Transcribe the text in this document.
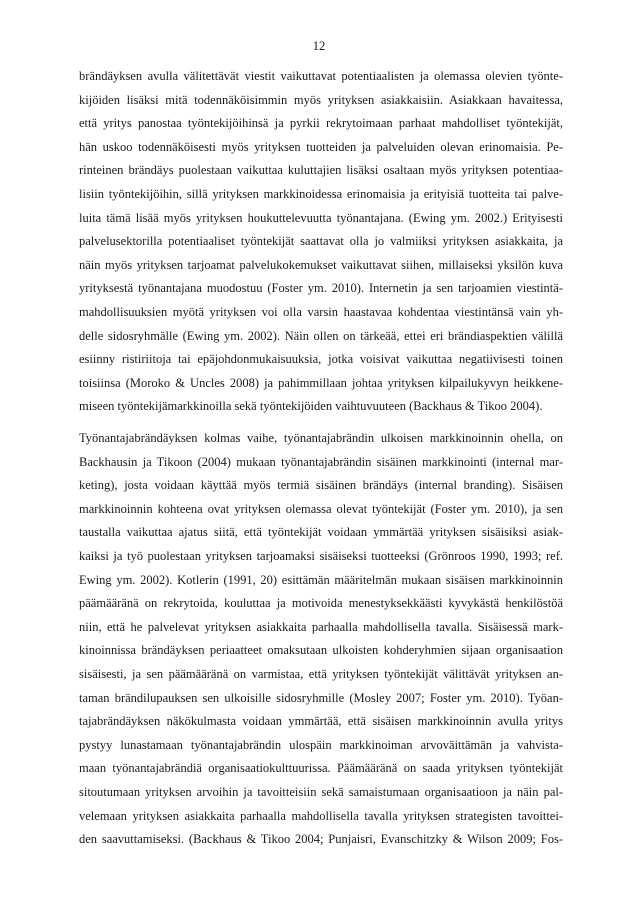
12
brändäyksen avulla välitettävät viestit vaikuttavat potentiaalisten ja olemassa olevien työnte-
kijöiden lisäksi mitä todennäköisimmin myös yrityksen asiakkaisiin. Asiakkaan havaitessa,
että yritys panostaa työntekijöihinsä ja pyrkii rekrytoimaan parhaat mahdolliset työntekijät,
hän uskoo todennäköisesti myös yrityksen tuotteiden ja palveluiden olevan erinomaisia. Pe-
rinteinen brändäys puolestaan vaikuttaa kuluttajien lisäksi osaltaan myös yrityksen potentiaa-
lisiin työntekijöihin, sillä yrityksen markkinoidessa erinomaisia ja erityisiä tuotteita tai palve-
luita tämä lisää myös yrityksen houkuttelevuutta työnantajana. (Ewing ym. 2002.) Erityisesti
palvelusektorilla potentiaaliset työntekijät saattavat olla jo valmiiksi yrityksen asiakkaita, ja
näin myös yrityksen tarjoamat palvelukokemukset vaikuttavat siihen, millaiseksi yksilön kuva
yrityksestä työnantajana muodostuu (Foster ym. 2010). Internetin ja sen tarjoamien viestintä-
mahdollisuuksien myötä yrityksen voi olla varsin haastavaa kohdentaa viestintänsä vain yh-
delle sidosryhmälle (Ewing ym. 2002). Näin ollen on tärkeää, ettei eri brändiaspektien välillä
esiinny ristiriitoja tai epäjohdonmukaisuuksia, jotka voisivat vaikuttaa negatiivisesti toinen
toisiinsa (Moroko & Uncles 2008) ja pahimmillaan johtaa yrityksen kilpailukyvyn heikkene-
miseen työntekijämarkkinoilla sekä työntekijöiden vaihtuvuuteen (Backhaus & Tikoo 2004).
Työnantajabrändäyksen kolmas vaihe, työnantajabrändin ulkoisen markkinoinnin ohella, on
Backhausin ja Tikoon (2004) mukaan työnantajabrändin sisäinen markkinointi (internal mar-
keting), josta voidaan käyttää myös termiä sisäinen brändäys (internal branding). Sisäisen
markkinoinnin kohteena ovat yrityksen olemassa olevat työntekijät (Foster ym. 2010), ja sen
taustalla vaikuttaa ajatus siitä, että työntekijät voidaan ymmärtää yrityksen sisäisiksi asiak-
kaiksi ja työ puolestaan yrityksen tarjoamaksi sisäiseksi tuotteeksi (Grönroos 1990, 1993; ref.
Ewing ym. 2002). Kotlerin (1991, 20) esittämän määritelmän mukaan sisäisen markkinoinnin
päämääränä on rekrytoida, kouluttaa ja motivoida menestyksekkäästi kyvykästä henkilöstöä
niin, että he palvelevat yrityksen asiakkaita parhaalla mahdollisella tavalla. Sisäisessä mark-
kinoinnissa brändäyksen periaatteet omaksutaan ulkoisten kohderyhmien sijaan organisaation
sisäisesti, ja sen päämääränä on varmistaa, että yrityksen työntekijät välittävät yrityksen an-
taman brändilupauksen sen ulkoisille sidosryhmille (Mosley 2007; Foster ym. 2010). Työan-
tajabrändäyksen näkökulmasta voidaan ymmärtää, että sisäisen markkinoinnin avulla yritys
pystyy lunastamaan työnantajabrändin ulospäin markkinoiman arvoväittämän ja vahvista-
maan työnantajabrändiä organisaatiokulttuurissa. Päämääränä on saada yrityksen työntekijät
sitoutumaan yrityksen arvoihin ja tavoitteisiin sekä samaistumaan organisaatioon ja näin pal-
velemaan yrityksen asiakkaita parhaalla mahdollisella tavalla yrityksen strategisten tavoittei-
den saavuttamiseksi. (Backhaus & Tikoo 2004; Punjaisri, Evanschitzky & Wilson 2009; Fos-
